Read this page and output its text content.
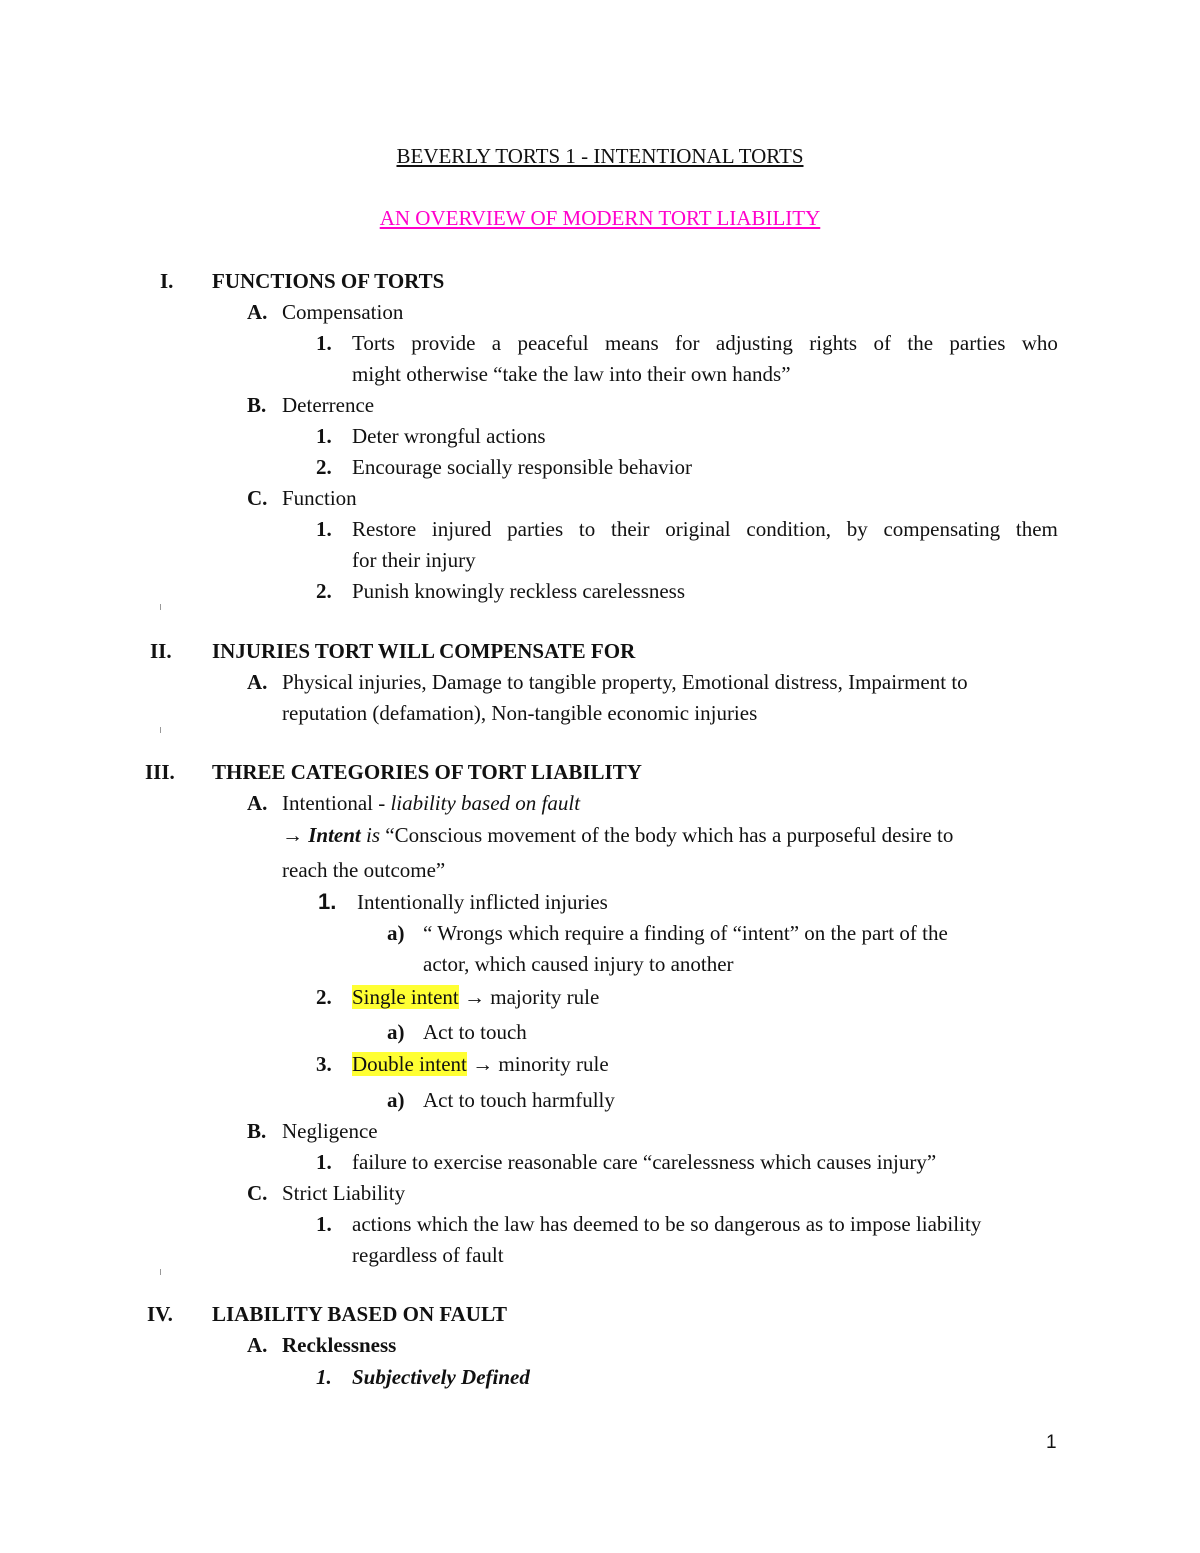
BEVERLY TORTS 1 - INTENTIONAL TORTS
AN OVERVIEW OF MODERN TORT LIABILITY
I. FUNCTIONS OF TORTS
A. Compensation
1. Torts provide a peaceful means for adjusting rights of the parties who
might otherwise “take the law into their own hands”
B. Deterrence
1. Deter wrongful actions
2. Encourage socially responsible behavior
C. Function
1. Restore injured parties to their original condition, by compensating them
for their injury
2. Punish knowingly reckless carelessness
II. INJURIES TORT WILL COMPENSATE FOR
A. Physical injuries, Damage to tangible property, Emotional distress, Impairment to
reputation (defamation), Non-tangible economic injuries
III. THREE CATEGORIES OF TORT LIABILITY
A. Intentional - liability based on fault
→ Intent is “Conscious movement of the body which has a purposeful desire to
reach the outcome”
1. Intentionally inflicted injuries
a) “ Wrongs which require a finding of “intent” on the part of the
actor, which caused injury to another
2. Single intent → majority rule
a) Act to touch
3. Double intent → minority rule
a) Act to touch harmfully
B. Negligence
1. failure to exercise reasonable care “carelessness which causes injury”
C. Strict Liability
1. actions which the law has deemed to be so dangerous as to impose liability
regardless of fault
IV. LIABILITY BASED ON FAULT
A. Recklessness
1. Subjectively Defined
1
